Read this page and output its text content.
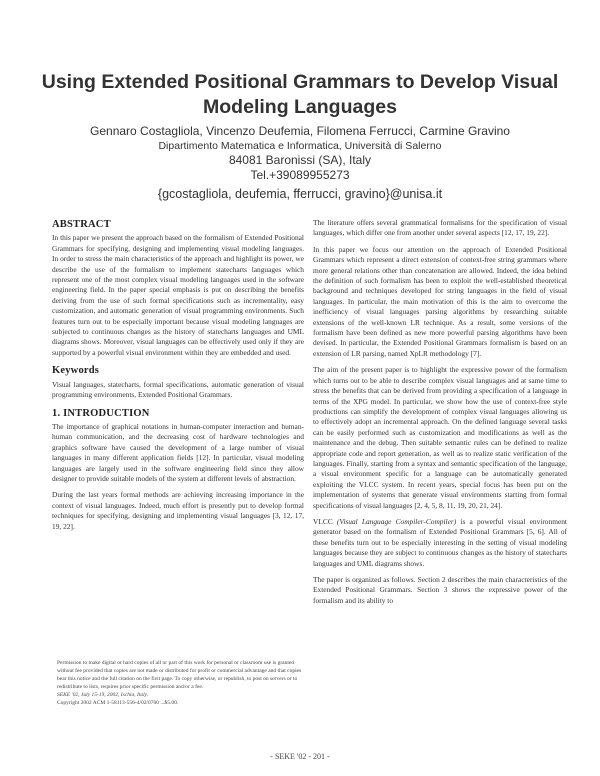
Using Extended Positional Grammars to Develop Visual Modeling Languages
Gennaro Costagliola, Vincenzo Deufemia, Filomena Ferrucci, Carmine Gravino
Dipartimento Matematica e Informatica, Università di Salerno
84081 Baronissi (SA), Italy
Tel.+39089955273
{gcostagliola, deufemia, fferrucci, gravino}@unisa.it
ABSTRACT

In this paper we present the approach based on the formalism of Extended Positional Grammars for specifying, designing and implementing visual modeling languages. In order to stress the main characteristics of the approach and highlight its power, we describe the use of the formalism to implement statecharts languages which represent one of the most complex visual modeling languages used in the software engineering field. In the paper special emphasis is put on describing the benefits deriving from the use of such formal specifications such as incrementality, easy customization, and automatic generation of visual programming environments. Such features turn out to be especially important because visual modeling languages are subjected to continuous changes as the history of statecharts languages and UML diagrams shows. Moreover, visual languages can be effectively used only if they are supported by a powerful visual environment within they are embedded and used.

Keywords

Visual languages, statecharts, formal specifications, automatic generation of visual programming environments, Extended Positional Grammars.

1. INTRODUCTION

The importance of graphical notations in human-computer interaction and human-human communication, and the decreasing cost of hardware technologies and graphics software have caused the development of a large number of visual languages in many different application fields [12]. In particular, visual modeling languages are largely used in the software engineering field since they allow designer to provide suitable models of the system at different levels of abstraction.

During the last years formal methods are achieving increasing importance in the context of visual languages. Indeed, much effort is presently put to develop formal techniques for specifying, designing and implementing visual languages [3, 12, 17, 19, 22].

Permission to make digital or hard copies of all or part of this work for personal or classroom use is granted without fee provided that copies are not made or distributed for profit or commercial advantage and that copies bear this notice and the full citation on the first page. To copy otherwise, or republish, to post on servers or to redistribute to lists, requires prior specific permission and/or a fee.

SEKE '02, July 15-19, 2002, Ischia, Italy.

Copyright 2002 ACM 1-58113-556-4/02/0700 ...$5.00.

The literature offers several grammatical formalisms for the specification of visual languages, which differ one from another under several aspects [12, 17, 19, 22].

In this paper we focus our attention on the approach of Extended Positional Grammars which represent a direct extension of context-free string grammars where more general relations other than concatenation are allowed. Indeed, the idea behind the definition of such formalism has been to exploit the well-established theoretical background and techniques developed for string languages in the field of visual languages. In particular, the main motivation of this is the aim to overcome the inefficiency of visual languages parsing algorithms by researching suitable extensions of the well-known LR technique. As a result, some versions of the formalism have been defined as new more powerful parsing algorithms have been devised. In particular, the Extended Positional Grammars formalism is based on an extension of LR parsing, named XpLR methodology [7].

The aim of the present paper is to highlight the expressive power of the formalism which turns out to be able to describe complex visual languages and at same time to stress the benefits that can be derived from providing a specification of a language in terms of the XPG model. In particular, we show how the use of context-free style productions can simplify the development of complex visual languages allowing us to effectively adopt an incremental approach. On the defined language several tasks can be easily performed such as customization and modifications as well as the maintenance and the debug. Then suitable semantic rules can be defined to realize appropriate code and report generation, as well as to realize static verification of the languages. Finally, starting from a syntax and semantic specification of the language, a visual environment specific for a language can be automatically generated exploiting the VLCC system. In recent years, special focus has been put on the implementation of systems that generate visual environments starting from formal specifications of visual languages [2, 4, 5, 8, 11, 19, 20, 21, 24].

VLCC (Visual Language Compiler-Compiler) is a powerful visual environment generator based on the formalism of Extended Positional Grammars [5, 6]. All of these benefits turn out to be especially interesting in the setting of visual modeling languages because they are subject to continuous changes as the history of statecharts languages and UML diagrams shows.

The paper is organized as follows. Section 2 describes the main characteristics of the Extended Positional Grammars. Section 3 shows the expressive power of the formalism and its ability to

- SEKE '02 - 201 -
